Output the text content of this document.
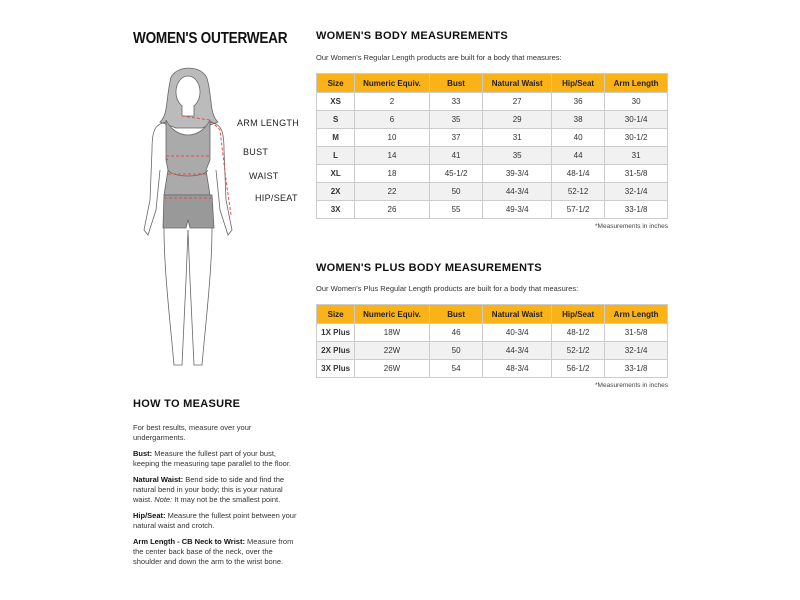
WOMEN'S OUTERWEAR
ARM LENGTH
BUST
WAIST
HIP/SEAT
WOMEN'S BODY MEASUREMENTS
Our Women's Regular Length products are built for a body that measures:
Size	Numeric Equiv.	Bust	Natural Waist	Hip/Seat	Arm Length
XS	2	33	27	36	30
S	6	35	29	38	30-1/4
M	10	37	31	40	30-1/2
L	14	41	35	44	31
XL	18	45-1/2	39-3/4	48-1/4	31-5/8
2X	22	50	44-3/4	52-12	32-1/4
3X	26	55	49-3/4	57-1/2	33-1/8
*Measurements in inches
WOMEN'S PLUS BODY MEASUREMENTS
Our Women's Plus Regular Length products are built for a body that measures:
Size	Numeric Equiv.	Bust	Natural Waist	Hip/Seat	Arm Length
1X Plus	18W	46	40-3/4	48-1/2	31-5/8
2X Plus	22W	50	44-3/4	52-1/2	32-1/4
3X Plus	26W	54	48-3/4	56-1/2	33-1/8
*Measurements in inches
HOW TO MEASURE

For best results, measure over your undergarments.

Bust: Measure the fullest part of your bust, keeping the measuring tape parallel to the floor.

Natural Waist: Bend side to side and find the natural bend in your body; this is your natural waist. Note: It may not be the smallest point.

Hip/Seat: Measure the fullest point between your natural waist and crotch.

Arm Length - CB Neck to Wrist: Measure from the center back base of the neck, over the shoulder and down the arm to the wrist bone.
